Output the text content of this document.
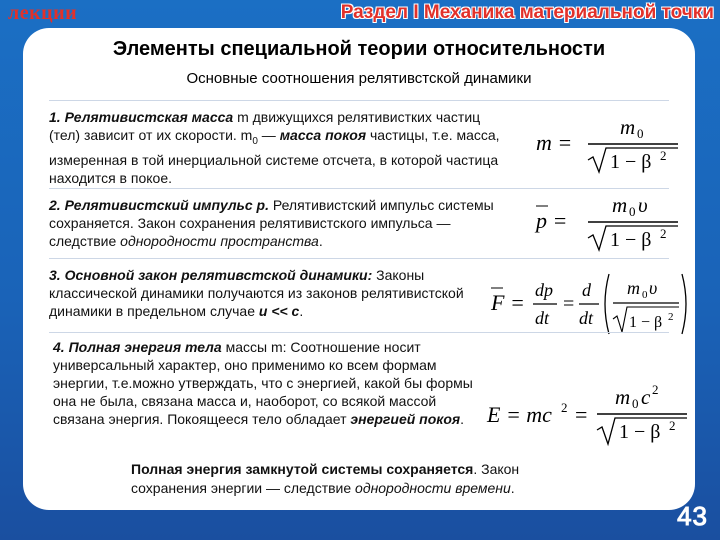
лекции	Раздел I Механика материальной точки
Элементы специальной теории относительности
Основные соотношения релятивстской динамики
1. Релятивистская масса m движущихся релятивистких частиц (тел) зависит от их скорости. $m_0$ — масса покоя частицы, т.е. масса, измеренная в той инерциальной системе отсчета, в которой частица находится в покое.
m =
m 0
1 − β 2
2. Релятивистский импульс р. Релятивистский импульс системы сохраняется. Закон сохранения релятивистского импульса — следствие однородности пространства.
p =
m 0 υ
1 − β 2
3. Основной закон релятивстской динамики: Законы классической динамики получаются из законов релятивистской динамики в предельном случае u << c.	F = dp
dt
=
d
dt
m 0 υ
1 − β 2
4. Полная энергия тела массы m: Соотношение носит универсальный характер, оно применимо ко всем формам энергии, т.е.можно утверждать, что с энергией, какой бы формы она не была, связана масса и, наоборот, со всякой массой связана энергия. Покоящееся тело обладает энергией покоя.	E = mc 2 =
m 0 c 2
1 − β 2
Полная энергия замкнутой системы сохраняется. Закон сохранения энергии — следствие однородности времени.
43
